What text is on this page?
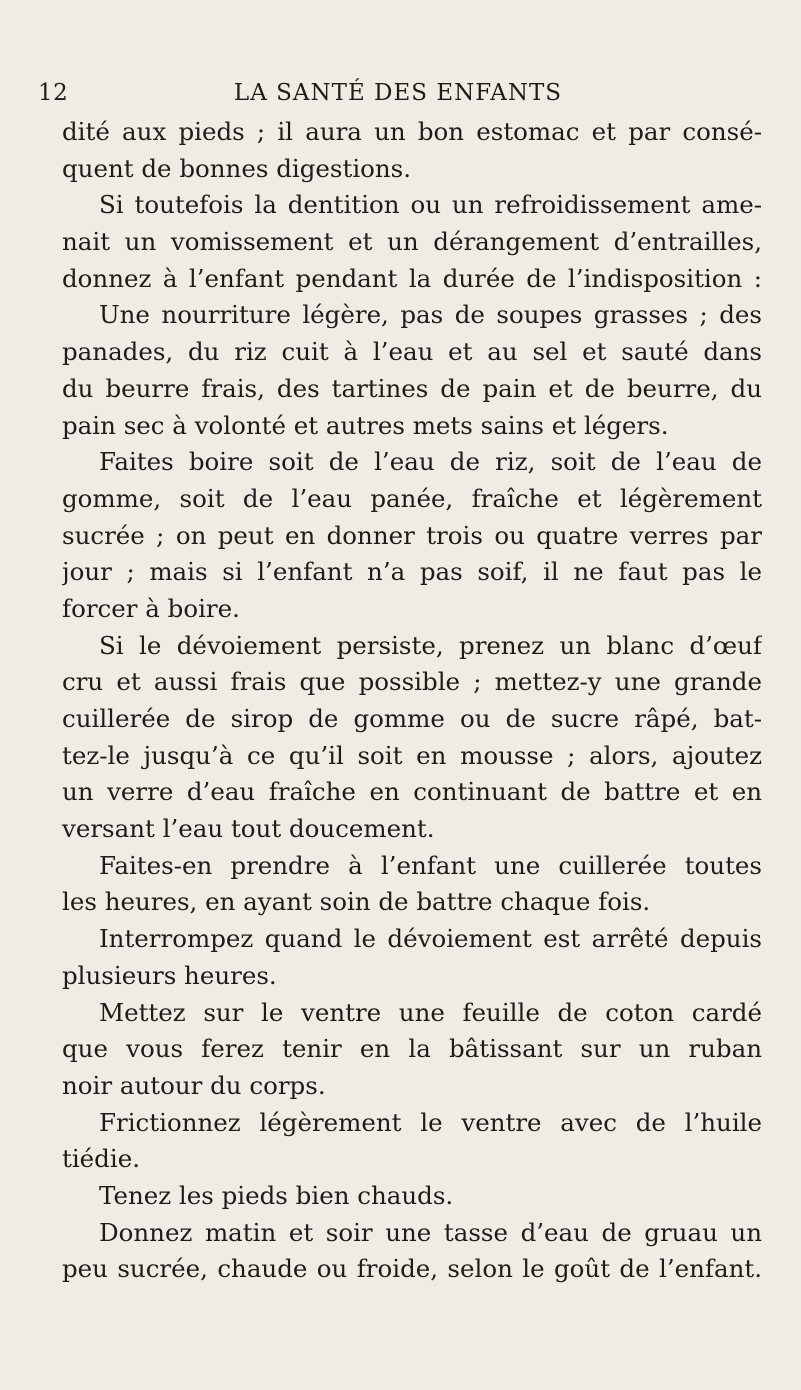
12	LA SANTÉ DES ENFANTS
dité aux pieds ; il aura un bon estomac et par consé-
quent de bonnes digestions.
Si toutefois la dentition ou un refroidissement ame-
nait un vomissement et un dérangement d’entrailles,
donnez à l’enfant pendant la durée de l’indisposition :
Une nourriture légère, pas de soupes grasses ; des
panades, du riz cuit à l’eau et au sel et sauté dans
du beurre frais, des tartines de pain et de beurre, du
pain sec à volonté et autres mets sains et légers.
Faites boire soit de l’eau de riz, soit de l’eau de
gomme, soit de l’eau panée, fraîche et légèrement
sucrée ; on peut en donner trois ou quatre verres par
jour ; mais si l’enfant n’a pas soif, il ne faut pas le
forcer à boire.
Si le dévoiement persiste, prenez un blanc d’œuf
cru et aussi frais que possible ; mettez-y une grande
cuillerée de sirop de gomme ou de sucre râpé, bat-
tez-le jusqu’à ce qu’il soit en mousse ; alors, ajoutez
un verre d’eau fraîche en continuant de battre et en
versant l’eau tout doucement.
Faites-en prendre à l’enfant une cuillerée toutes
les heures, en ayant soin de battre chaque fois.
Interrompez quand le dévoiement est arrêté depuis
plusieurs heures.
Mettez sur le ventre une feuille de coton cardé
que vous ferez tenir en la bâtissant sur un ruban
noir autour du corps.
Frictionnez légèrement le ventre avec de l’huile
tiédie.
Tenez les pieds bien chauds.
Donnez matin et soir une tasse d’eau de gruau un
peu sucrée, chaude ou froide, selon le goût de l’enfant.
